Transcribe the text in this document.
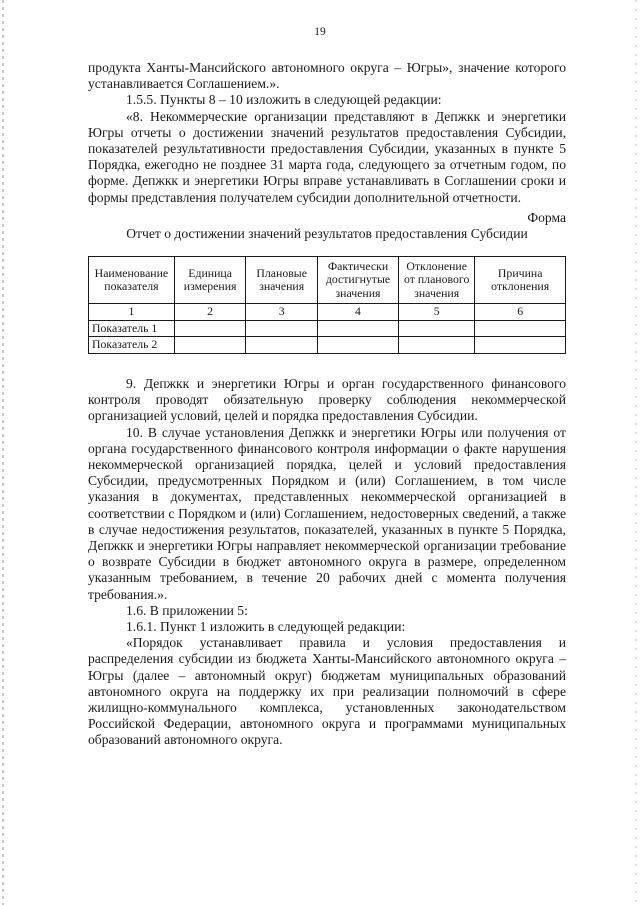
19

продукта Ханты-Мансийского автономного округа – Югры», значение которого устанавливается Соглашением.».

1.5.5. Пункты 8 – 10 изложить в следующей редакции:

«8. Некоммерческие организации представляют в Депжкк и энергетики Югры отчеты о достижении значений результатов предоставления Субсидии, показателей результативности предоставления Субсидии, указанных в пункте 5 Порядка, ежегодно не позднее 31 марта года, следующего за отчетным годом, по форме. Депжкк и энергетики Югры вправе устанавливать в Соглашении сроки и формы представления получателем субсидии дополнительной отчетности.

Форма

Отчет о достижении значений результатов предоставления Субсидии

Наименование показателя	Единица измерения	Плановые значения	Фактически достигнутые значения	Отклонение от планового значения	Причина отклонения
1	2	3	4	5	6
Показатель 1					
Показатель 2					

9. Депжкк и энергетики Югры и орган государственного финансового контроля проводят обязательную проверку соблюдения некоммерческой организацией условий, целей и порядка предоставления Субсидии.

10. В случае установления Депжкк и энергетики Югры или получения от органа государственного финансового контроля информации о факте нарушения некоммерческой организацией порядка, целей и условий предоставления Субсидии, предусмотренных Порядком и (или) Соглашением, в том числе указания в документах, представленных некоммерческой организацией в соответствии с Порядком и (или) Соглашением, недостоверных сведений, а также в случае недостижения результатов, показателей, указанных в пункте 5 Порядка, Депжкк и энергетики Югры направляет некоммерческой организации требование о возврате Субсидии в бюджет автономного округа в размере, определенном указанным требованием, в течение 20 рабочих дней с момента получения требования.».

1.6. В приложении 5:

1.6.1. Пункт 1 изложить в следующей редакции:

«Порядок устанавливает правила и условия предоставления и распределения субсидии из бюджета Ханты-Мансийского автономного округа – Югры (далее – автономный округ) бюджетам муниципальных образований автономного округа на поддержку их при реализации полномочий в сфере жилищно-коммунального комплекса, установленных законодательством Российской Федерации, автономного округа и программами муниципальных образований автономного округа.
